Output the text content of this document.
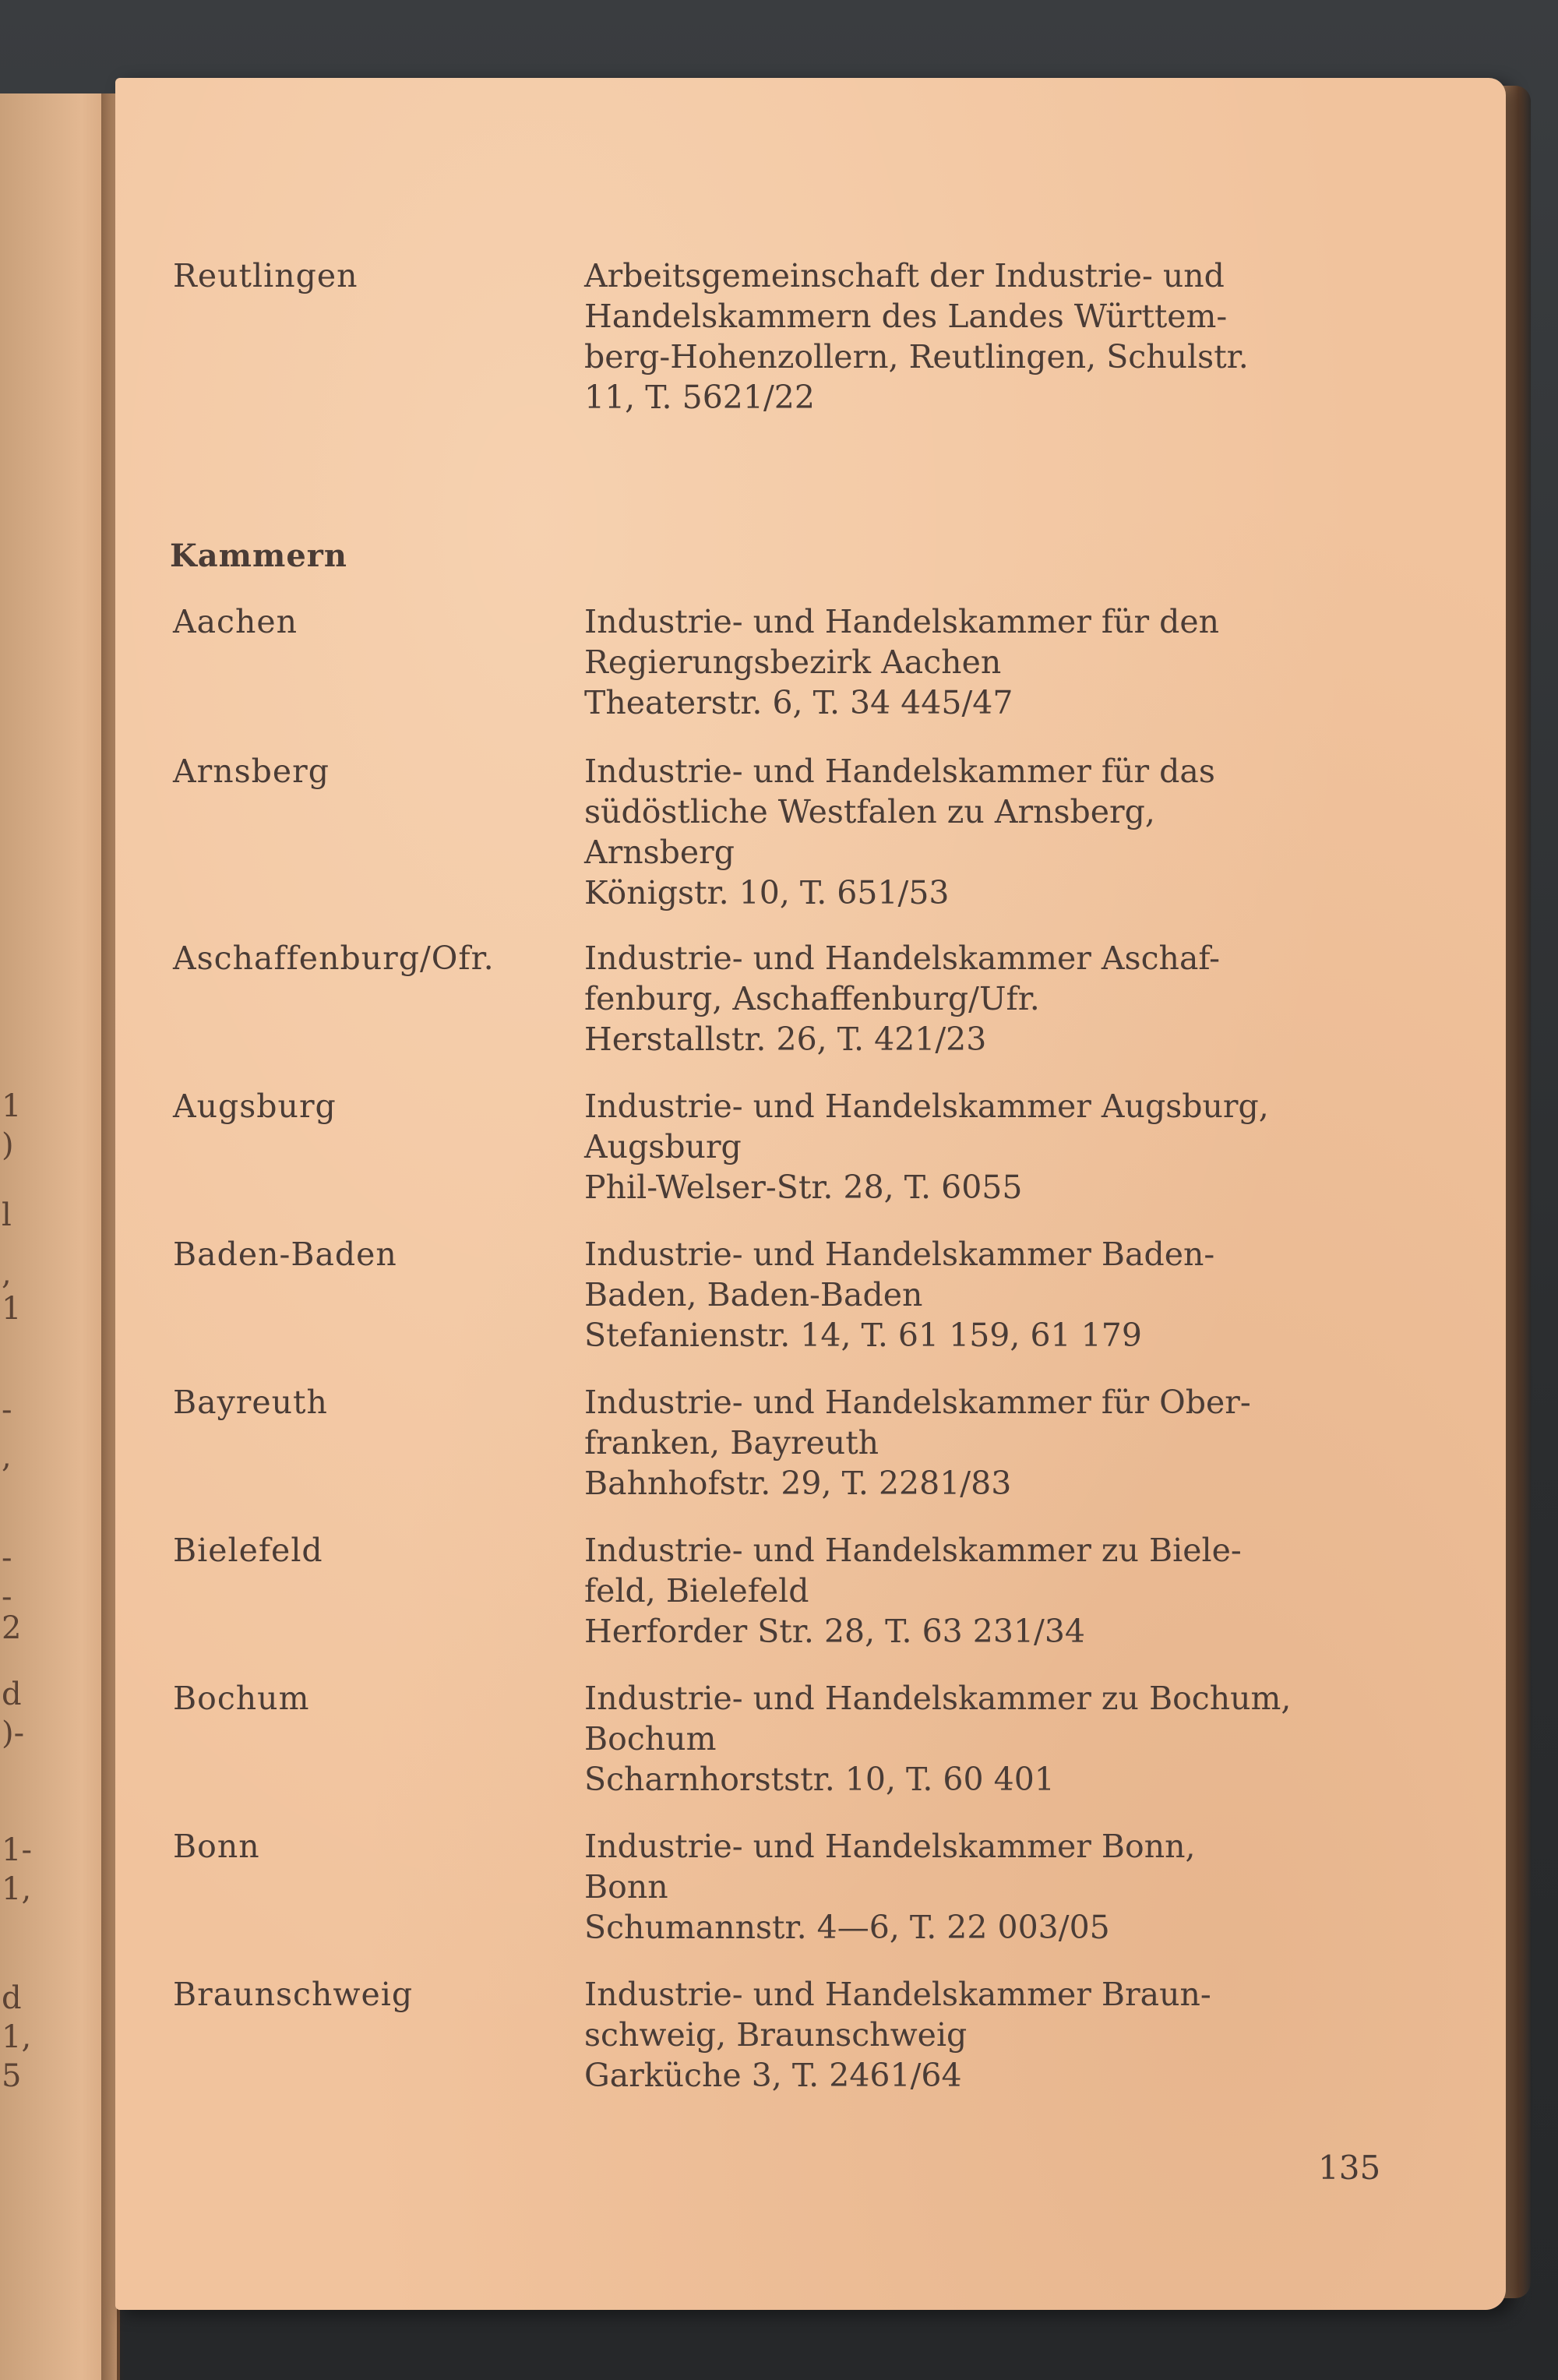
1
)
l
,
1
-
,
-
-
2
d
)-
1-
1,
d
1,
5
Reutlingen	Arbeitsgemeinschaft der Industrie- und
Handelskammern des Landes Württem-
berg-Hohenzollern, Reutlingen, Schulstr.
11, T. 5621/22
Kammern
Aachen	Industrie- und Handelskammer für den
Regierungsbezirk Aachen
Theaterstr. 6, T. 34 445/47
Arnsberg	Industrie- und Handelskammer für das
südöstliche Westfalen zu Arnsberg,
Arnsberg
Königstr. 10, T. 651/53
Aschaffenburg/Ofr.	Industrie- und Handelskammer Aschaf-
fenburg, Aschaffenburg/Ufr.
Herstallstr. 26, T. 421/23
Augsburg	Industrie- und Handelskammer Augsburg,
Augsburg
Phil-Welser-Str. 28, T. 6055
Baden-Baden	Industrie- und Handelskammer Baden-
Baden, Baden-Baden
Stefanienstr. 14, T. 61 159, 61 179
Bayreuth	Industrie- und Handelskammer für Ober-
franken, Bayreuth
Bahnhofstr. 29, T. 2281/83
Bielefeld	Industrie- und Handelskammer zu Biele-
feld, Bielefeld
Herforder Str. 28, T. 63 231/34
Bochum	Industrie- und Handelskammer zu Bochum,
Bochum
Scharnhorststr. 10, T. 60 401
Bonn	Industrie- und Handelskammer Bonn,
Bonn
Schumannstr. 4—6, T. 22 003/05
Braunschweig	Industrie- und Handelskammer Braun-
schweig, Braunschweig
Garküche 3, T. 2461/64
135
